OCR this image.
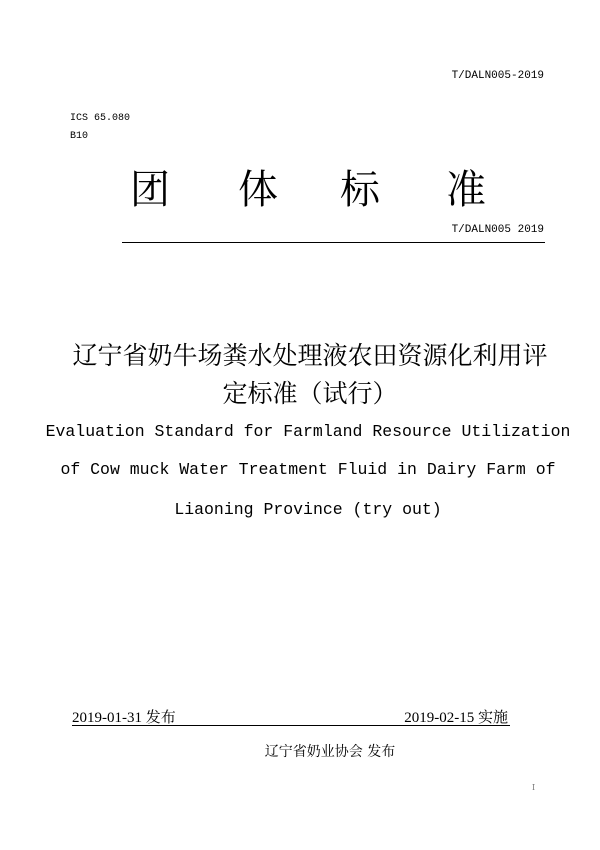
T/DALN005-2019
ICS 65.080
B10
团 体 标 准
T/DALN005 2019
辽宁省奶牛场粪水处理液农田资源化利用评
定标准（试行）
Evaluation Standard for Farmland Resource Utilization
of Cow muck Water Treatment Fluid in Dairy Farm of
Liaoning Province (try out)
2019-01-31 发布	2019-02-15 实施
辽宁省奶业协会 发布
I
